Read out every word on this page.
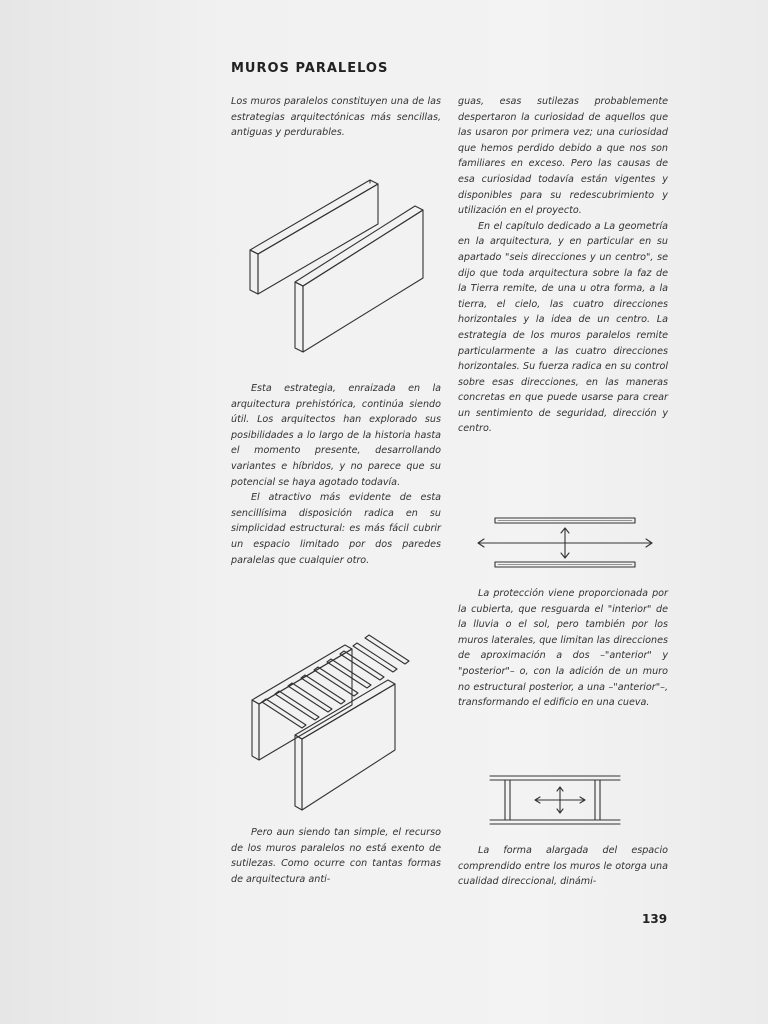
MUROS PARALELOS

Los muros paralelos constituyen una de las estrategias arquitectónicas más sencillas, antiguas y perdurables.

Esta estrategia, enraizada en la arquitectura prehistórica, continúa siendo útil. Los arquitectos han explorado sus posibilidades a lo largo de la historia hasta el momento presente, desarrollando variantes e híbridos, y no parece que su potencial se haya agotado todavía.

El atractivo más evidente de esta sencillísima disposición radica en su simplicidad estructural: es más fácil cubrir un espacio limitado por dos paredes paralelas que cualquier otro.

Pero aun siendo tan simple, el recurso de los muros paralelos no está exento de sutilezas. Como ocurre con tantas formas de arquitectura anti-

guas, esas sutilezas probablemente despertaron la curiosidad de aquellos que las usaron por primera vez; una curiosidad que hemos perdido debido a que nos son familiares en exceso. Pero las causas de esa curiosidad todavía están vigentes y disponibles para su redescubrimiento y utilización en el proyecto.

En el capítulo dedicado a La geometría en la arquitectura, y en particular en su apartado "seis direcciones y un centro", se dijo que toda arquitectura sobre la faz de la Tierra remite, de una u otra forma, a la tierra, el cielo, las cuatro direcciones horizontales y la idea de un centro. La estrategia de los muros paralelos remite particularmente a las cuatro direcciones horizontales. Su fuerza radica en su control sobre esas direcciones, en las maneras concretas en que puede usarse para crear un sentimiento de seguridad, dirección y centro.

La protección viene proporcionada por la cubierta, que resguarda el "interior" de la lluvia o el sol, pero también por los muros laterales, que limitan las direcciones de aproximación a dos –"anterior" y "posterior"– o, con la adición de un muro no estructural posterior, a una –"anterior"–, transformando el edificio en una cueva.

La forma alargada del espacio comprendido entre los muros le otorga una cualidad direccional, dinámi-

139
